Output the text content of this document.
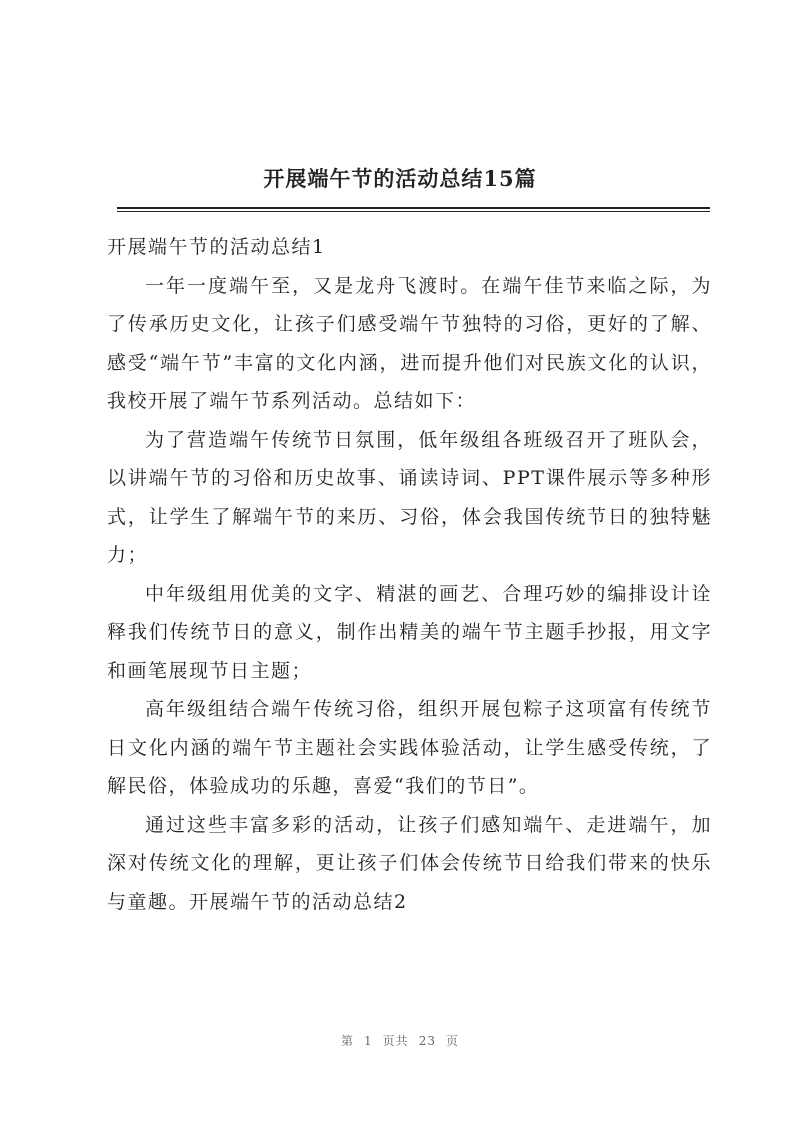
开展端午节的活动总结15篇
开展端午节的活动总结1

一年一度端午至，又是龙舟飞渡时。在端午佳节来临之际，为了传承历史文化，让孩子们感受端午节独特的习俗，更好的了解、感受“端午节”丰富的文化内涵，进而提升他们对民族文化的认识，我校开展了端午节系列活动。总结如下：

为了营造端午传统节日氛围，低年级组各班级召开了班队会，以讲端午节的习俗和历史故事、诵读诗词、PPT课件展示等多种形式，让学生了解端午节的来历、习俗，体会我国传统节日的独特魅力；

中年级组用优美的文字、精湛的画艺、合理巧妙的编排设计诠释我们传统节日的意义，制作出精美的端午节主题手抄报，用文字和画笔展现节日主题；

高年级组结合端午传统习俗，组织开展包粽子这项富有传统节日文化内涵的端午节主题社会实践体验活动，让学生感受传统，了解民俗，体验成功的乐趣，喜爱“我们的节日”。

通过这些丰富多彩的活动，让孩子们感知端午、走进端午，加深对传统文化的理解，更让孩子们体会传统节日给我们带来的快乐与童趣。开展端午节的活动总结2

第 1 页共 23 页
